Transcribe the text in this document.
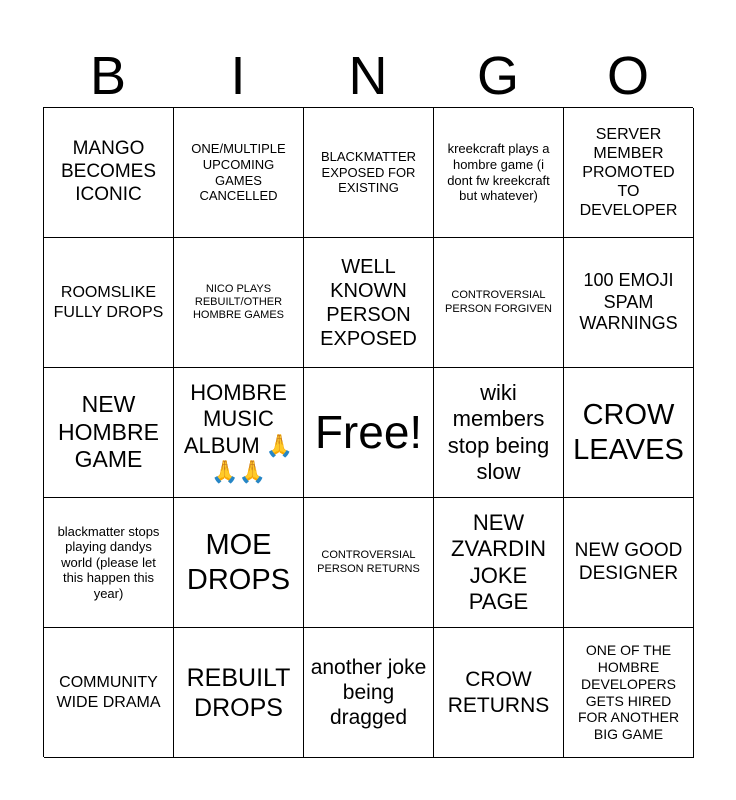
B	I	N	G	O
MANGO BECOMES ICONIC
ONE/MULTIPLE UPCOMING GAMES CANCELLED
BLACKMATTER EXPOSED FOR EXISTING
kreekcraft plays a hombre game (i dont fw kreekcraft but whatever)
SERVER MEMBER PROMOTED TO DEVELOPER
ROOMSLIKE FULLY DROPS
NICO PLAYS REBUILT/OTHER HOMBRE GAMES
WELL KNOWN PERSON EXPOSED
CONTROVERSIAL PERSON FORGIVEN
100 EMOJI SPAM WARNINGS
NEW HOMBRE GAME
HOMBRE MUSIC ALBUM 🙏🙏🙏
Free!
wiki members stop being slow
CROW LEAVES
blackmatter stops playing dandys world (please let this happen this year)
MOE DROPS
CONTROVERSIAL PERSON RETURNS
NEW ZVARDIN JOKE PAGE
NEW GOOD DESIGNER
COMMUNITY WIDE DRAMA
REBUILT DROPS
another joke being dragged
CROW RETURNS
ONE OF THE HOMBRE DEVELOPERS GETS HIRED FOR ANOTHER BIG GAME
